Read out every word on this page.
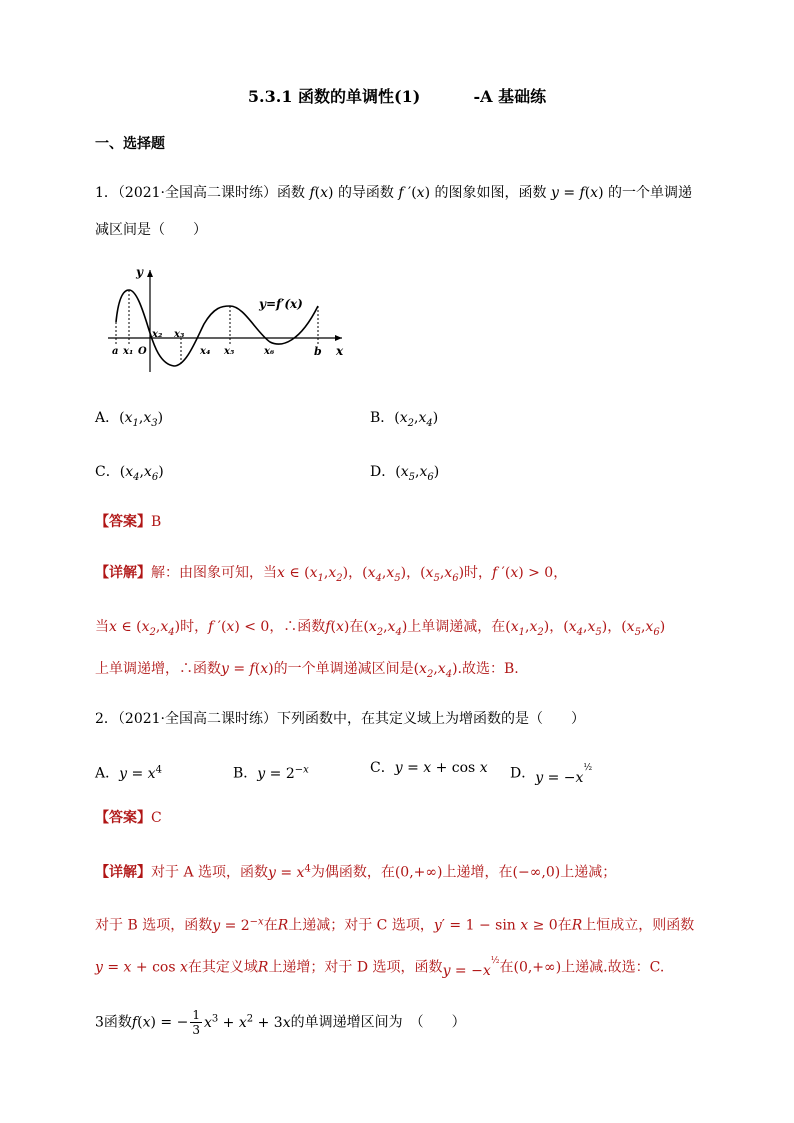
5.3.1 函数的单调性(1)	-A 基础练
一、选择题
1．（2021·全国高二课时练）函数 f(x) 的导函数 f ′(x) 的图象如图，函数 y = f(x) 的一个单调递
减区间是（　　）
y
x
y=f′(x)
a x₁ O
x₂ x₃
x₄ x₅	x₆	b
A．$(x_1,x_3)$	B．$(x_2,x_4)$
C．$(x_4,x_6)$	D．$(x_5,x_6)$
【答案】B
【详解】解：由图象可知，当x ∈ $(x_1,x_2)$，$(x_4,x_5)$，$(x_5,x_6)$时，f ′(x) > 0，
当x ∈ $(x_2,x_4)$时，f ′(x) < 0，∴函数f(x)在$(x_2,x_4)$上单调递减，在$(x_1,x_2)$，$(x_4,x_5)$，$(x_5,x_6)$
上单调递增，∴函数y = f(x)的一个单调递减区间是$(x_2,x_4)$.故选：B.
2．（2021·全国高二课时练）下列函数中，在其定义域上为增函数的是（　　）
A．$y = x^4$	B．$y = 2^{-x}$	C．y = x + cos x D．$y = -x^{\frac{1}{2}}$
【答案】C
【详解】对于 A 选项，函数$y = x^4$为偶函数，在(0,+∞)上递增，在(−∞,0)上递减；
对于 B 选项，函数$y = 2^{-x}$在R上递减；对于 C 选项，y′ = 1 − sin x ≥ 0在R上恒成立，则函数
y = x + cos x在其定义域R上递增；对于 D 选项，函数$y = -x^{\frac{1}{2}}$在(0,+∞)上递减.故选：C.
3函数f(x) = − $\frac{1}{3} x^3 + x^2 + 3x$的单调递增区间为　（　　）
